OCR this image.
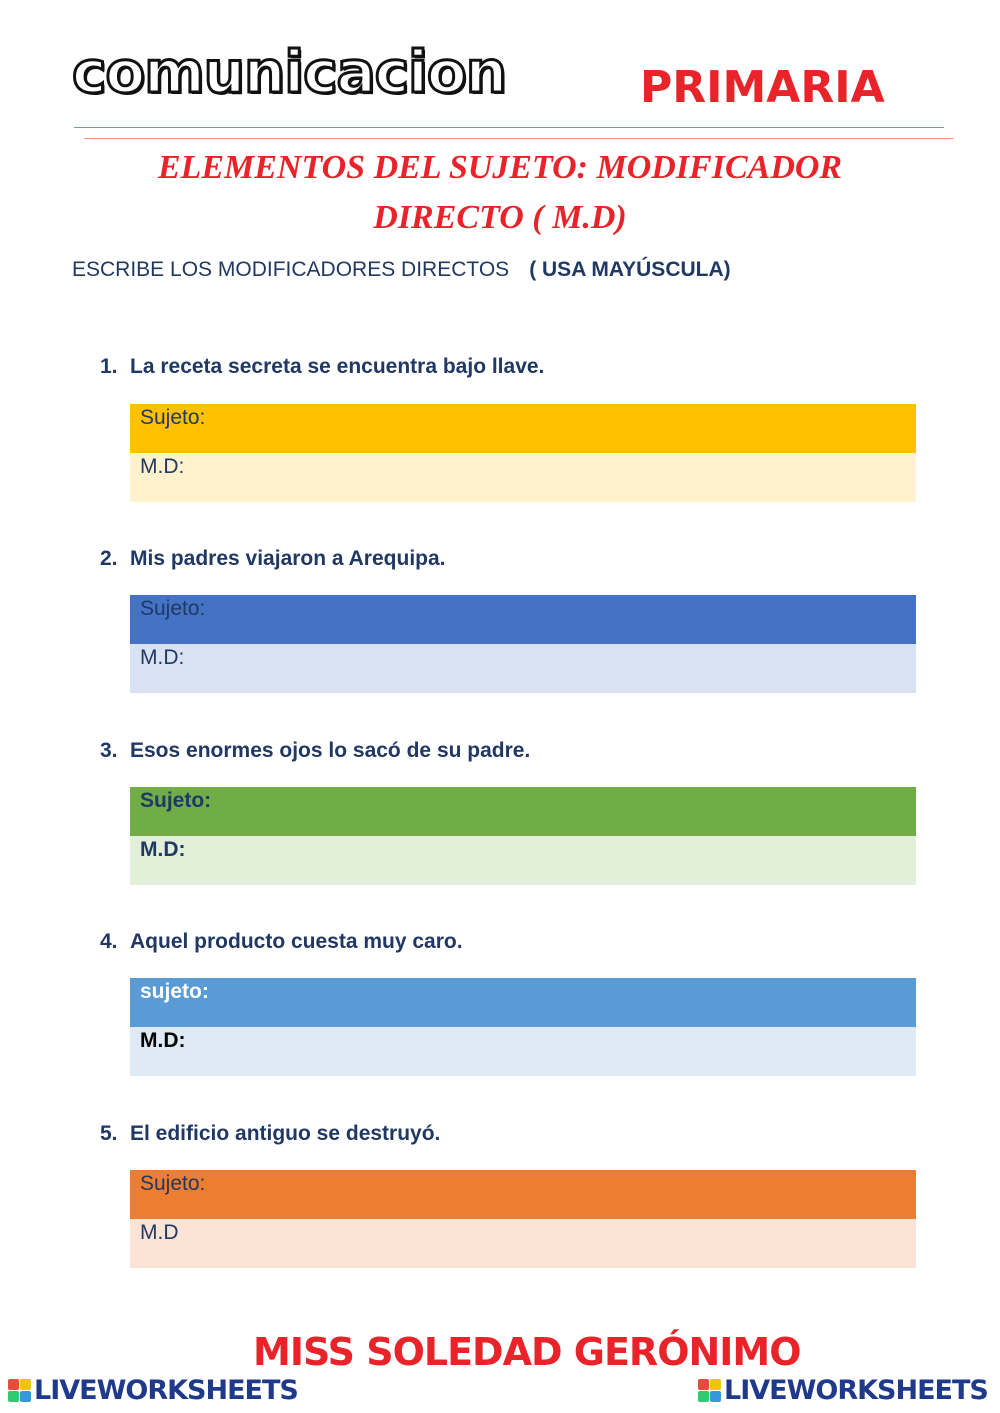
comunicacion	PRIMARIA
ELEMENTOS DEL SUJETO: MODIFICADOR
DIRECTO ( M.D)
ESCRIBE LOS MODIFICADORES DIRECTOS ( USA MAYÚSCULA)
1. La receta secreta se encuentra bajo llave.
Sujeto:
M.D:
2. Mis padres viajaron a Arequipa.
Sujeto:
M.D:
3. Esos enormes ojos lo sacó de su padre.
Sujeto:
M.D:
4. Aquel producto cuesta muy caro.
sujeto:
M.D:
5. El edificio antiguo se destruyó.
Sujeto:
M.D
MISS SOLEDAD GERÓNIMO
LIVEWORKSHEETS	LIVEWORKSHEETS
